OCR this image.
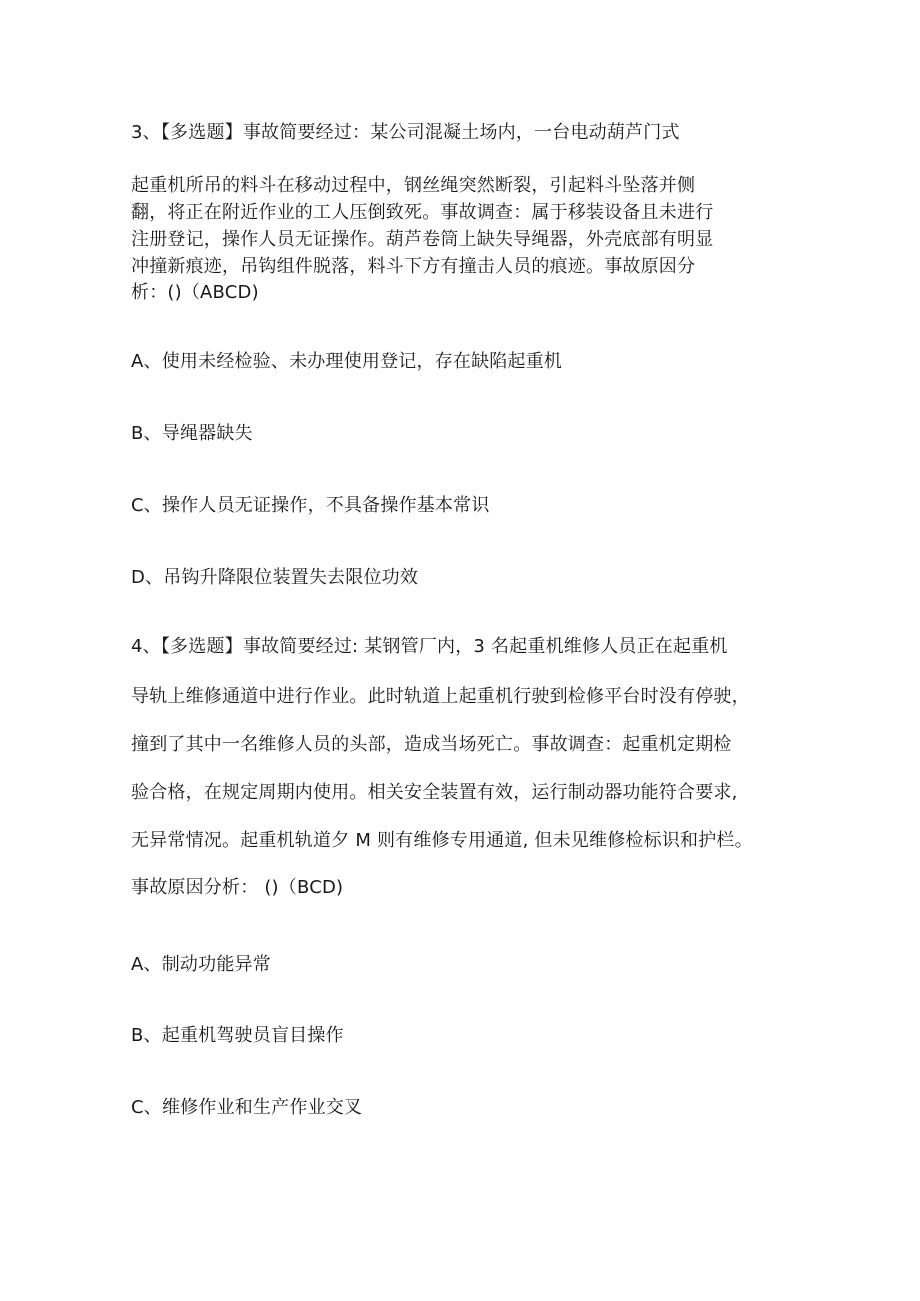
3、【多选题】事故简要经过：某公司混凝土场内，一台电动葫芦门式
起重机所吊的料斗在移动过程中，钢丝绳突然断裂，引起料斗坠落并侧
翻，将正在附近作业的工人压倒致死。事故调查：属于移装设备且未进行
注册登记，操作人员无证操作。葫芦卷筒上缺失导绳器，外壳底部有明显
冲撞新痕迹，吊钩组件脱落，料斗下方有撞击人员的痕迹。事故原因分
析：()（ABCD)
A、使用未经检验、未办理使用登记，存在缺陷起重机
B、导绳器缺失
C、操作人员无证操作，不具备操作基本常识
D、吊钩升降限位装置失去限位功效
4、【多选题】事故简要经过: 某钢管厂内，3 名起重机维修人员正在起重机
导轨上维修通道中进行作业。此时轨道上起重机行驶到检修平台时没有停驶，
撞到了其中一名维修人员的头部，造成当场死亡。事故调查：起重机定期检
验合格，在规定周期内使用。相关安全装置有效，运行制动器功能符合要求,
无异常情况。起重机轨道夕 M 则有维修专用通道, 但未见维修检标识和护栏。
事故原因分析： ()（BCD)
A、制动功能异常
B、起重机驾驶员盲目操作
C、维修作业和生产作业交叉
